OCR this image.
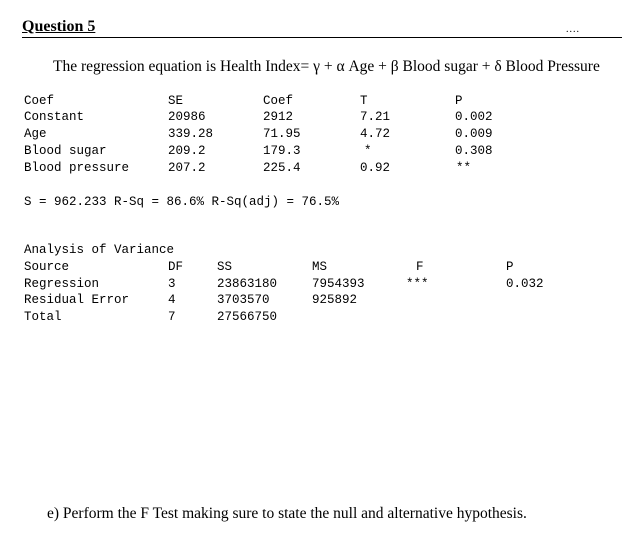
Question 5	....
The regression equation is Health Index= γ + α Age + β Blood sugar + δ Blood Pressure
Coef	SE	Coef	T	P
Constant	20986	2912	7.21	0.002
Age	339.28	71.95	4.72	0.009
Blood sugar	209.2	179.3	*	0.308
Blood pressure	207.2	225.4	0.92	**
S = 962.233 R-Sq = 86.6% R-Sq(adj) = 76.5%
Analysis of Variance
Source	DF	SS	MS	F	P
Regression	3	23863180	7954393	***	0.032
Residual Error	4	3703570	925892
Total	7	27566750
e) Perform the F Test making sure to state the null and alternative hypothesis.
